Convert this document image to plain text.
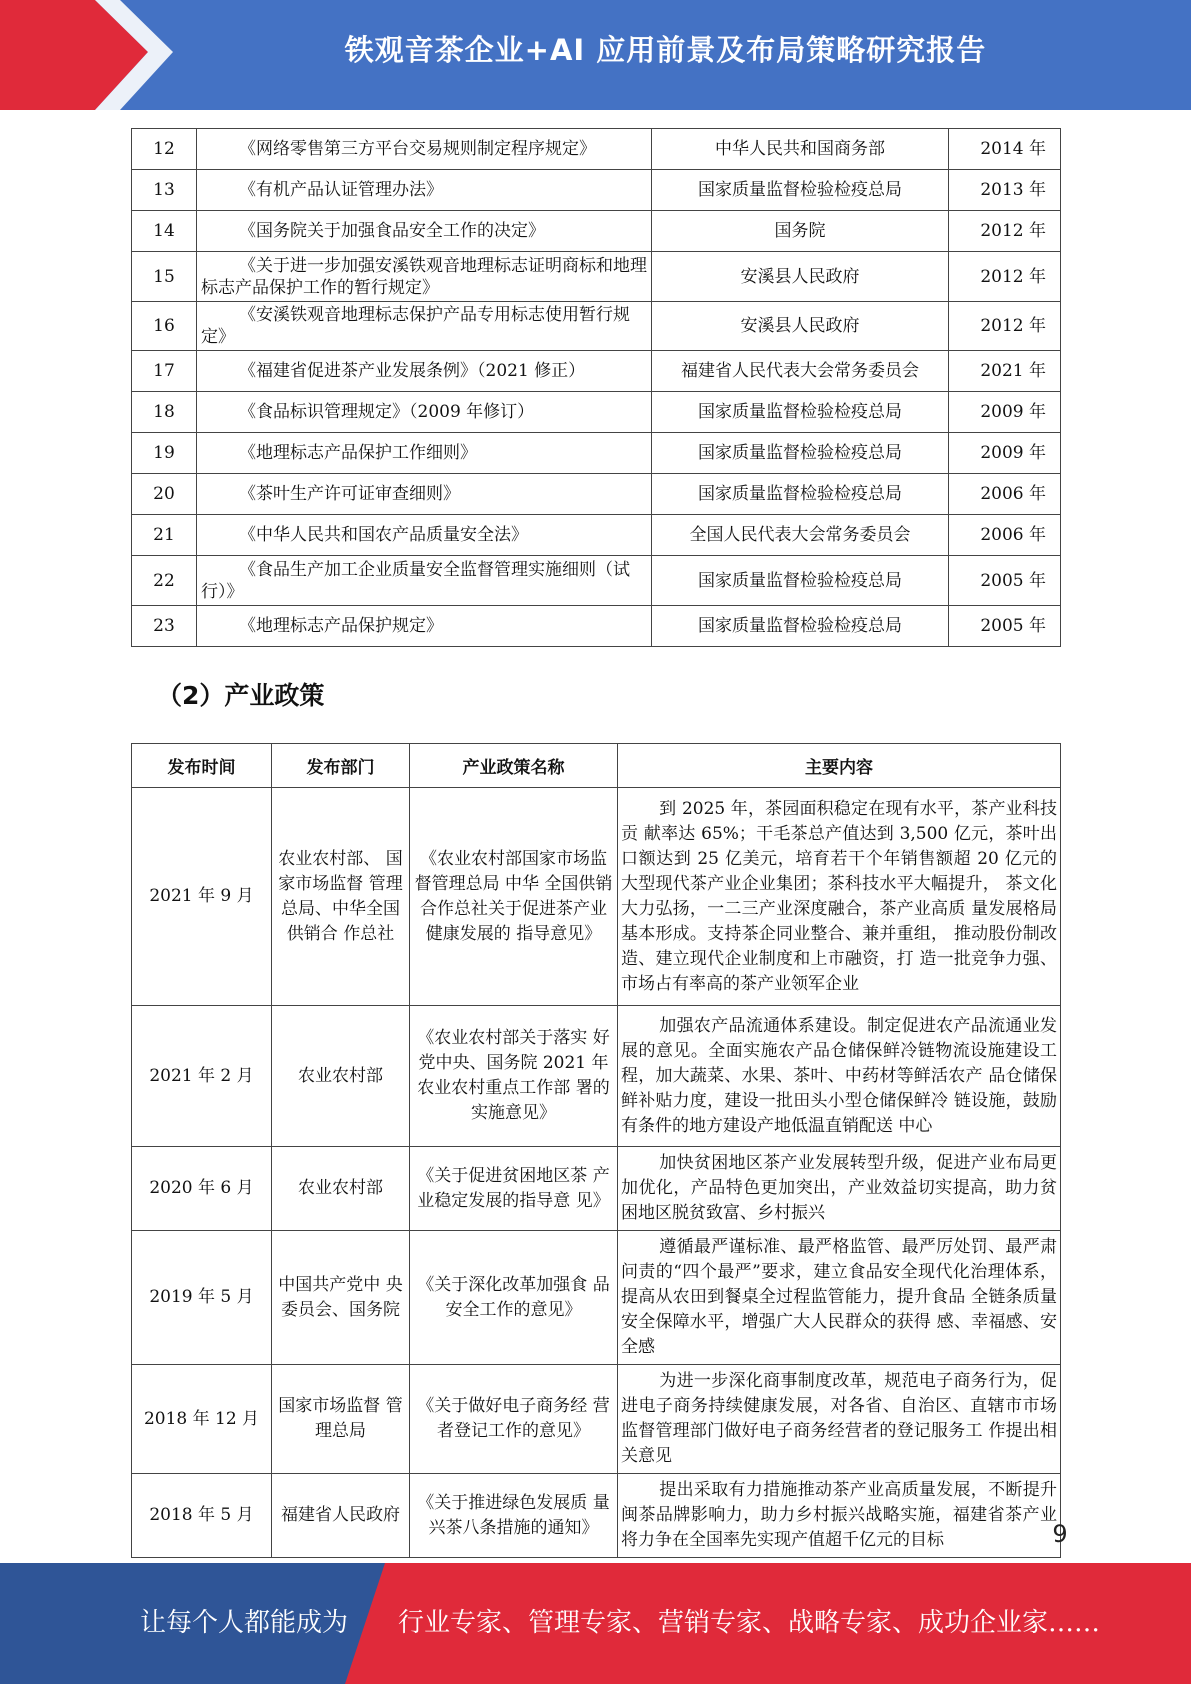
铁观音茶企业+AI 应用前景及布局策略研究报告
12	《网络零售第三方平台交易规则制定程序规定》	中华人民共和国商务部	2014 年
13	《有机产品认证管理办法》	国家质量监督检验检疫总局	2013 年
14	《国务院关于加强食品安全工作的决定》	国务院	2012 年
15	《关于进一步加强安溪铁观音地理标志证明商标和地理 标志产品保护工作的暂行规定》	安溪县人民政府	2012 年
16	《安溪铁观音地理标志保护产品专用标志使用暂行规定》	安溪县人民政府	2012 年
17	《福建省促进茶产业发展条例》（2021 修正）	福建省人民代表大会常务委员会	2021 年
18	《食品标识管理规定》（2009 年修订）	国家质量监督检验检疫总局	2009 年
19	《地理标志产品保护工作细则》	国家质量监督检验检疫总局	2009 年
20	《茶叶生产许可证审查细则》	国家质量监督检验检疫总局	2006 年
21	《中华人民共和国农产品质量安全法》	全国人民代表大会常务委员会	2006 年
22	《食品生产加工企业质量安全监督管理实施细则（试行）》	国家质量监督检验检疫总局	2005 年
23	《地理标志产品保护规定》	国家质量监督检验检疫总局	2005 年
（2）产业政策
发布时间	发布部门	产业政策名称	主要内容
2021 年 9 月	农业农村部、 国家市场监督 管理总局、中华全国供销合 作总社	《农业农村部国家市场监督管理总局 中华 全国供销合作总社关于促进茶产业健康发展的 指导意见》	到 2025 年，茶园面积稳定在现有水平，茶产业科技贡 献率达 65%；干毛茶总产值达到 3,500 亿元，茶叶出口额达到 25 亿美元，培育若干个年销售额超 20 亿元的大型现代茶产业企业集团；茶科技水平大幅提升， 茶文化大力弘扬，一二三产业深度融合，茶产业高质 量发展格局基本形成。支持茶企同业整合、兼并重组， 推动股份制改造、建立现代企业制度和上市融资，打 造一批竞争力强、市场占有率高的茶产业领军企业
2021 年 2 月	农业农村部	《农业农村部关于落实 好党中央、国务院 2021 年农业农村重点工作部 署的实施意见》	加强农产品流通体系建设。制定促进农产品流通业发 展的意见。全面实施农产品仓储保鲜冷链物流设施建设工程，加大蔬菜、水果、茶叶、中药材等鲜活农产 品仓储保鲜补贴力度，建设一批田头小型仓储保鲜冷 链设施，鼓励有条件的地方建设产地低温直销配送 中心
2020 年 6 月	农业农村部	《关于促进贫困地区茶 产业稳定发展的指导意 见》	加快贫困地区茶产业发展转型升级，促进产业布局更 加优化，产品特色更加突出，产业效益切实提高，助力贫困地区脱贫致富、乡村振兴
2019 年 5 月	中国共产党中 央委员会、国务院	《关于深化改革加强食 品安全工作的意见》	遵循最严谨标准、最严格监管、最严厉处罚、最严肃 问责的“四个最严”要求，建立食品安全现代化治理体系，提高从农田到餐桌全过程监管能力，提升食品 全链条质量安全保障水平，增强广大人民群众的获得 感、幸福感、安全感
2018 年 12 月	国家市场监督 管理总局	《关于做好电子商务经 营者登记工作的意见》	为进一步深化商事制度改革，规范电子商务行为，促 进电子商务持续健康发展，对各省、自治区、直辖市市场监督管理部门做好电子商务经营者的登记服务工 作提出相关意见
2018 年 5 月	福建省人民政府	《关于推进绿色发展质 量兴茶八条措施的通知》	提出采取有力措施推动茶产业高质量发展，不断提升 闽茶品牌影响力，助力乡村振兴战略实施，福建省茶产业将力争在全国率先实现产值超千亿元的目标	9
让每个人都能成为 行业专家、管理专家、营销专家、战略专家、成功企业家……
